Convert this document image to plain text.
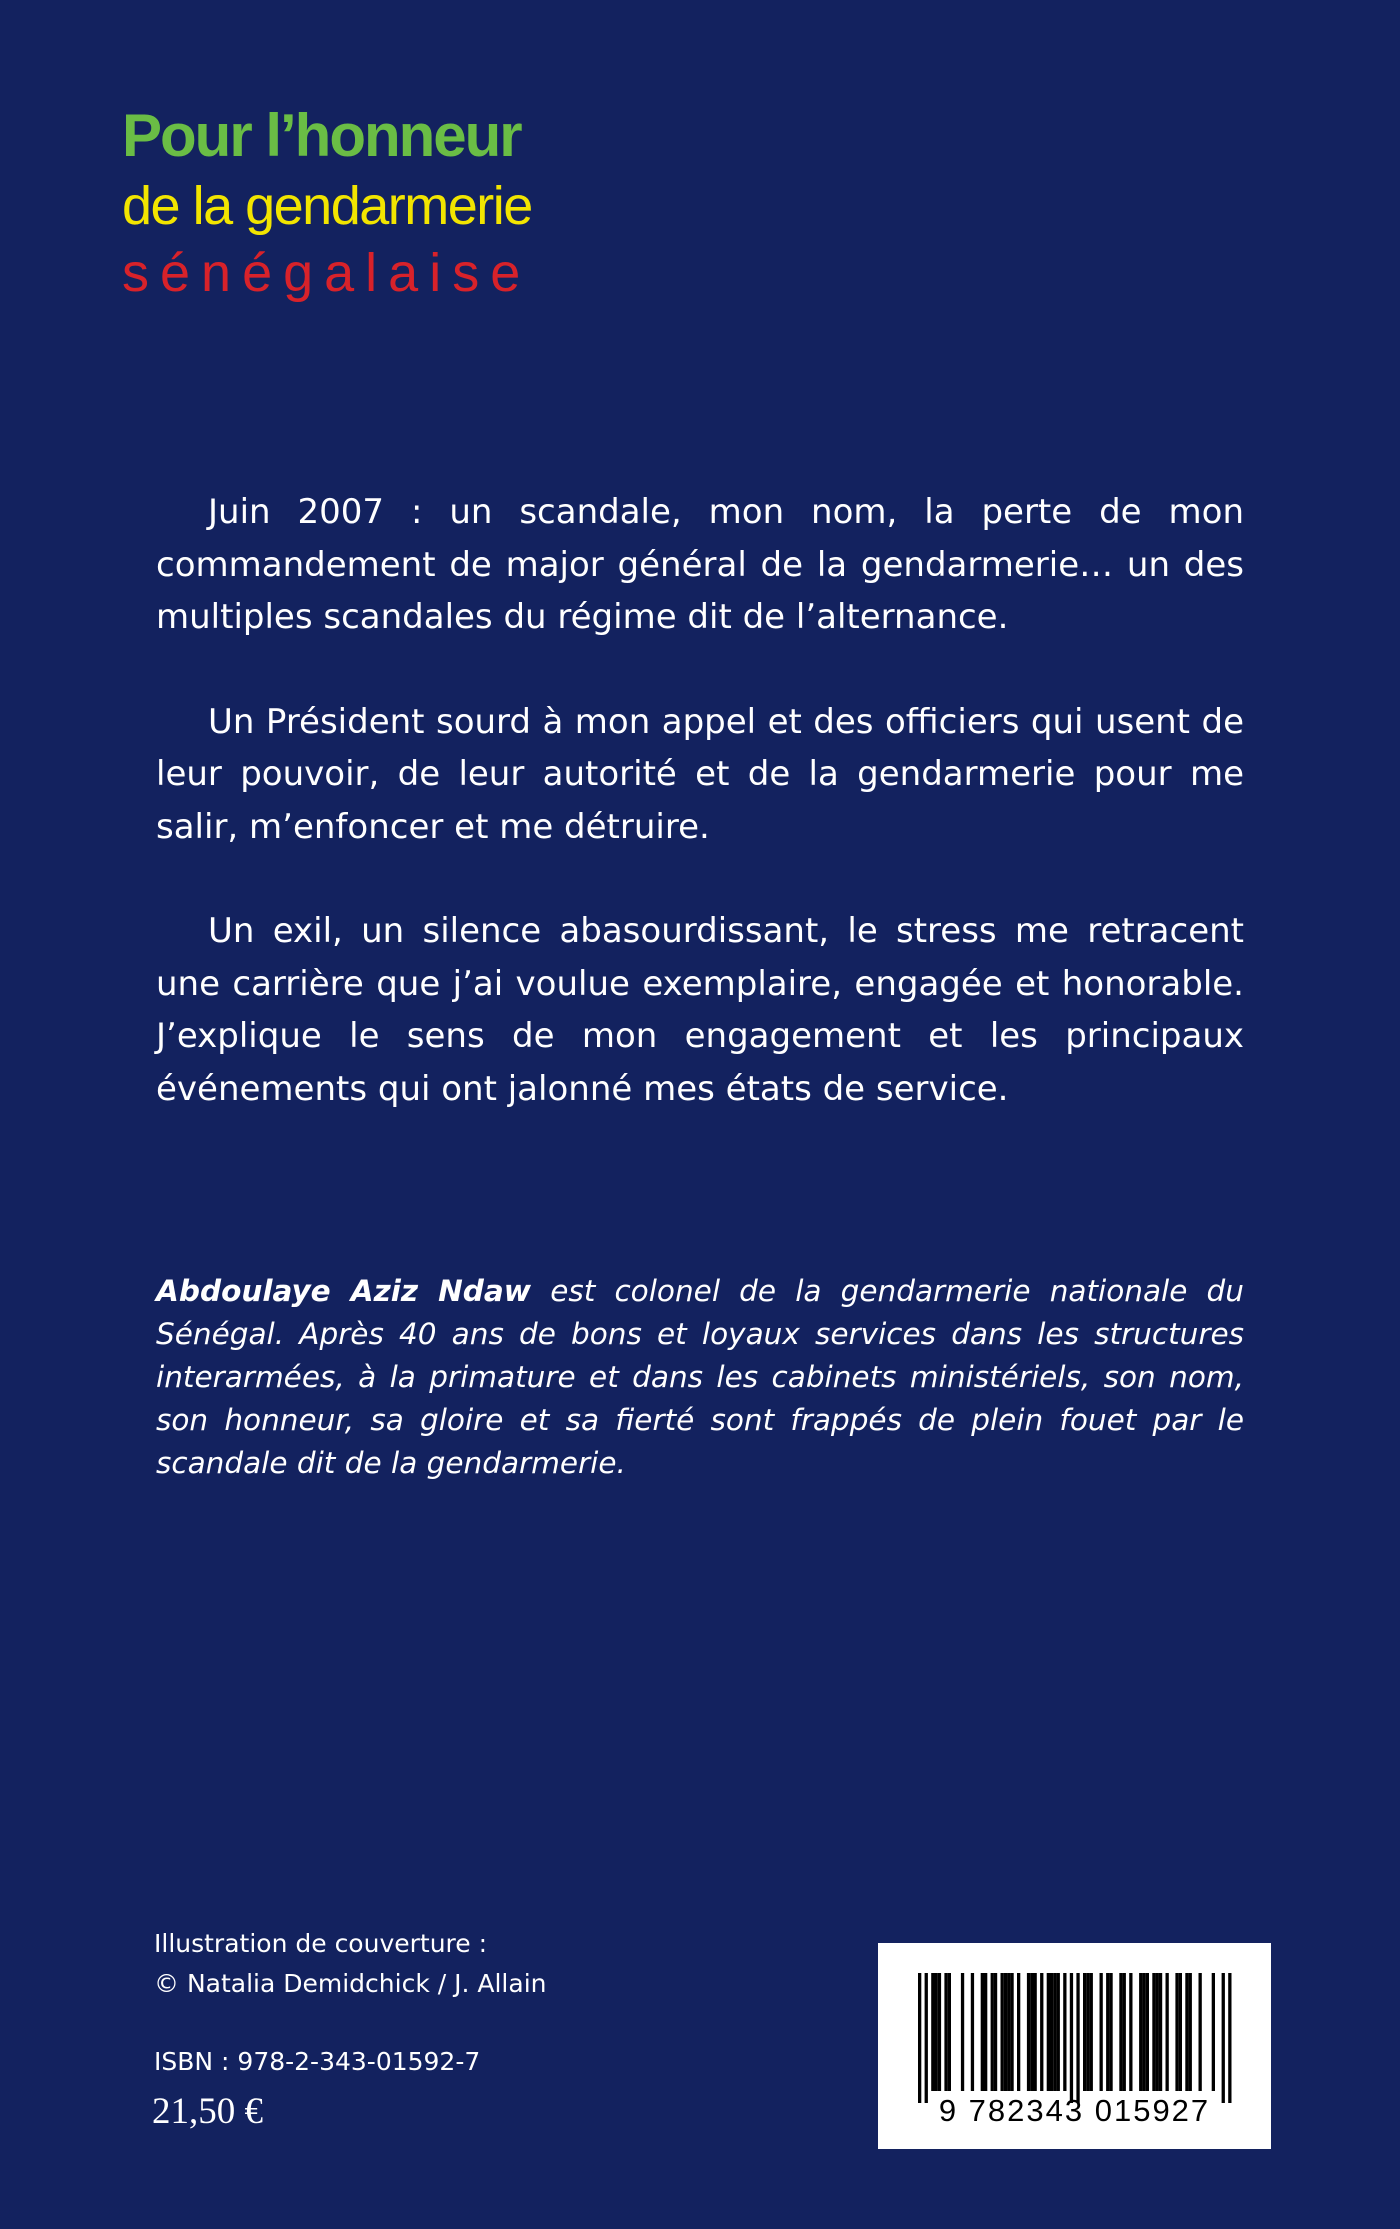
Pour l’honneur
de la gendarmerie
sénégalaise

Juin 2007 : un scandale, mon nom, la perte de mon commandement de major général de la gendarmerie… un des multiples scandales du régime dit de l’alternance.

Un Président sourd à mon appel et des officiers qui usent de leur pouvoir, de leur autorité et de la gendarmerie pour me salir, m’enfoncer et me détruire.

Un exil, un silence abasourdissant, le stress me retracent une carrière que j’ai voulue exemplaire, engagée et honorable. J’explique le sens de mon engagement et les principaux événements qui ont jalonné mes états de service.

Abdoulaye Aziz Ndaw est colonel de la gendarmerie nationale du Sénégal. Après 40 ans de bons et loyaux services dans les structures interarmées, à la primature et dans les cabinets ministériels, son nom, son honneur, sa gloire et sa fierté sont frappés de plein fouet par le scandale dit de la gendarmerie.

Illustration de couverture :
© Natalia Demidchick / J. Allain
ISBN : 978-2-343-01592-7
21,50 €	9 782343 015927
